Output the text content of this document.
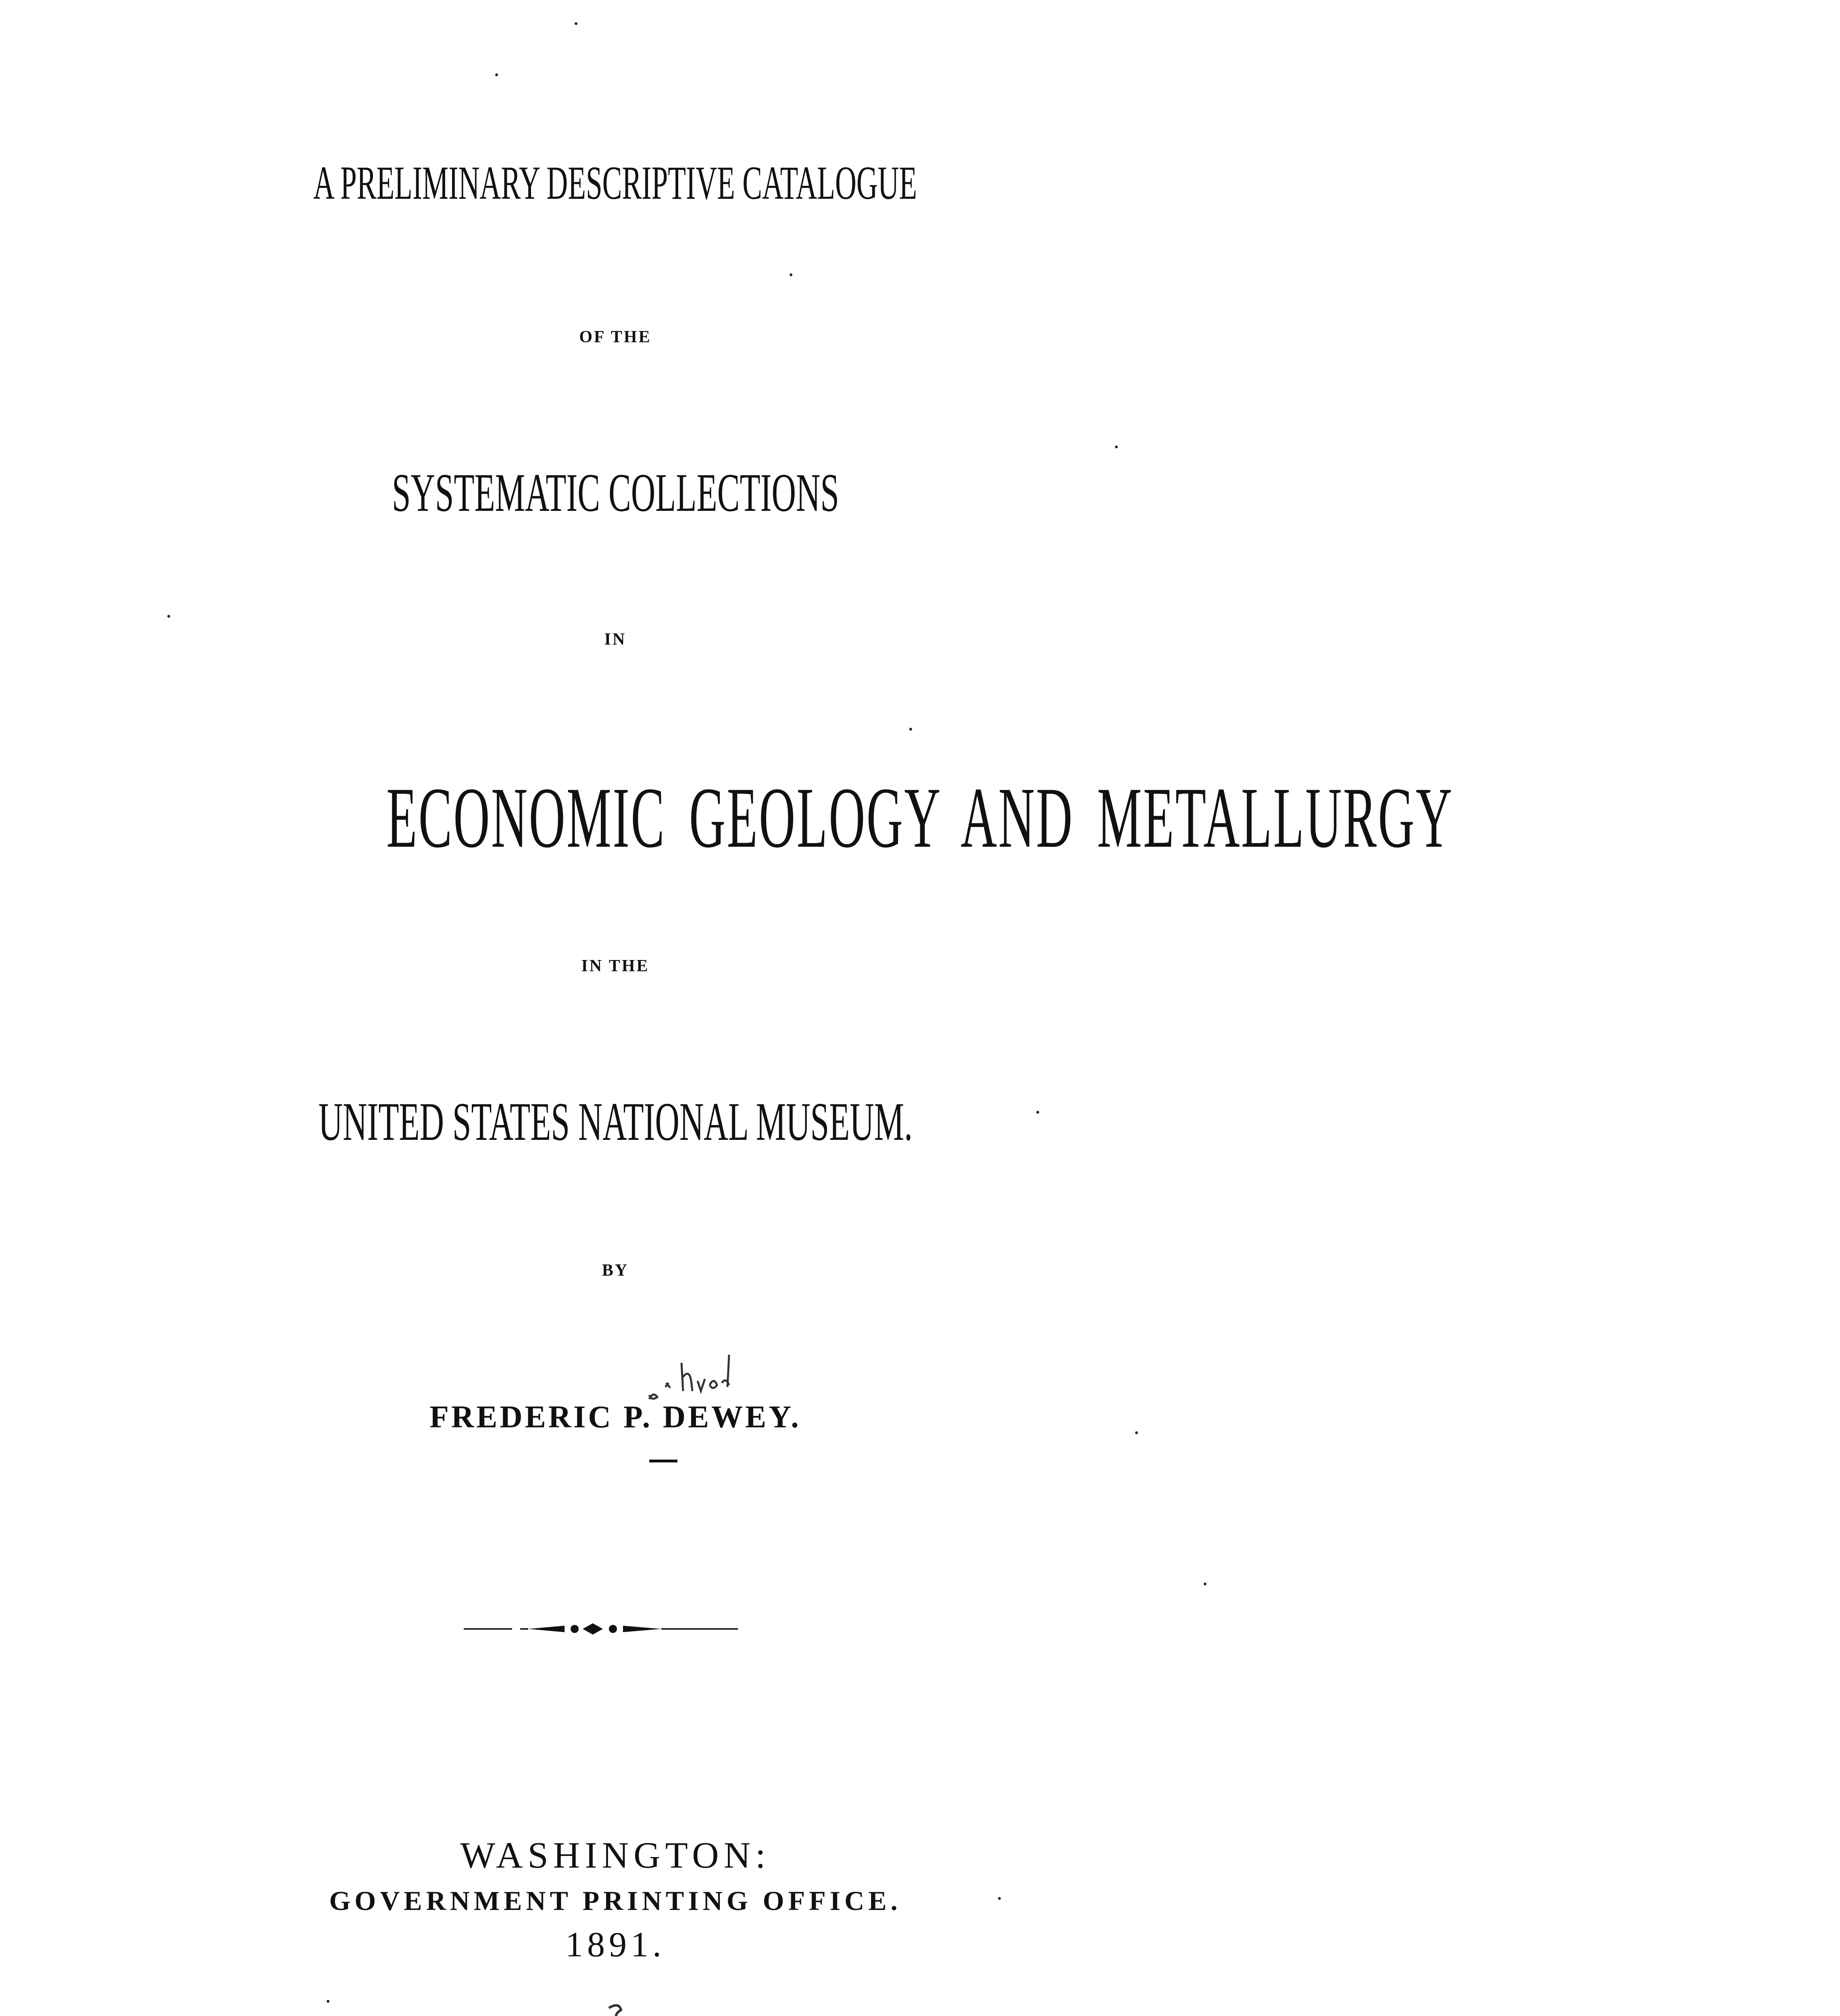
A PRELIMINARY DESCRIPTIVE CATALOGUE
OF THE
SYSTEMATIC COLLECTIONS
IN
ECONOMIC GEOLOGY AND METALLURGY
IN THE
UNITED STATES NATIONAL MUSEUM.
BY
FREDERIC P. DEWEY.
WASHINGTON:
GOVERNMENT PRINTING OFFICE.
1891.
